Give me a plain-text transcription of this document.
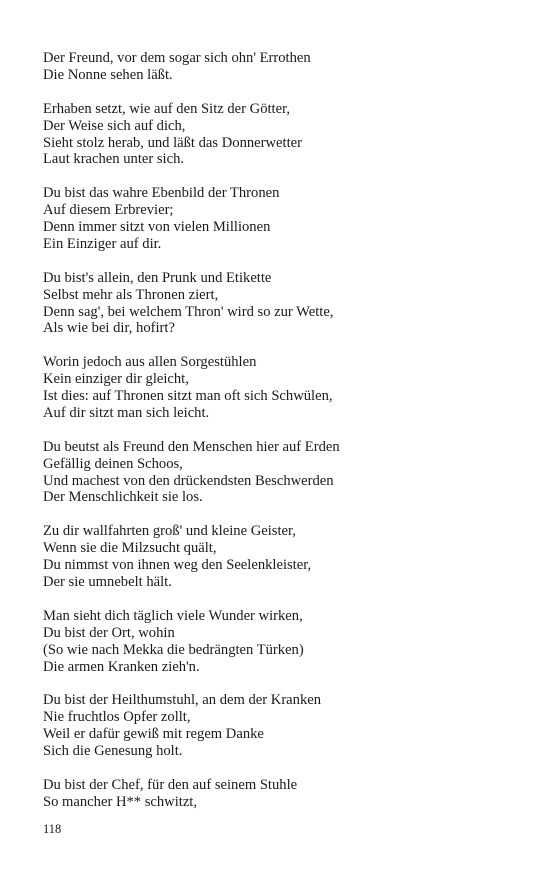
Der Freund, vor dem sogar sich ohn' Errothen
Die Nonne sehen läßt.
Erhaben setzt, wie auf den Sitz der Götter,
Der Weise sich auf dich,
Sieht stolz herab, und läßt das Donnerwetter
Laut krachen unter sich.
Du bist das wahre Ebenbild der Thronen
Auf diesem Erbrevier;
Denn immer sitzt von vielen Millionen
Ein Einziger auf dir.
Du bist's allein, den Prunk und Etikette
Selbst mehr als Thronen ziert,
Denn sag', bei welchem Thron' wird so zur Wette,
Als wie bei dir, hofirt?
Worin jedoch aus allen Sorgestühlen
Kein einziger dir gleicht,
Ist dies: auf Thronen sitzt man oft sich Schwülen,
Auf dir sitzt man sich leicht.
Du beutst als Freund den Menschen hier auf Erden
Gefällig deinen Schoos,
Und machest von den drückendsten Beschwerden
Der Menschlichkeit sie los.
Zu dir wallfahrten groß' und kleine Geister,
Wenn sie die Milzsucht quält,
Du nimmst von ihnen weg den Seelenkleister,
Der sie umnebelt hält.
Man sieht dich täglich viele Wunder wirken,
Du bist der Ort, wohin
(So wie nach Mekka die bedrängten Türken)
Die armen Kranken zieh'n.
Du bist der Heilthumstuhl, an dem der Kranken
Nie fruchtlos Opfer zollt,
Weil er dafür gewiß mit regem Danke
Sich die Genesung holt.
Du bist der Chef, für den auf seinem Stuhle
So mancher H** schwitzt,
118
